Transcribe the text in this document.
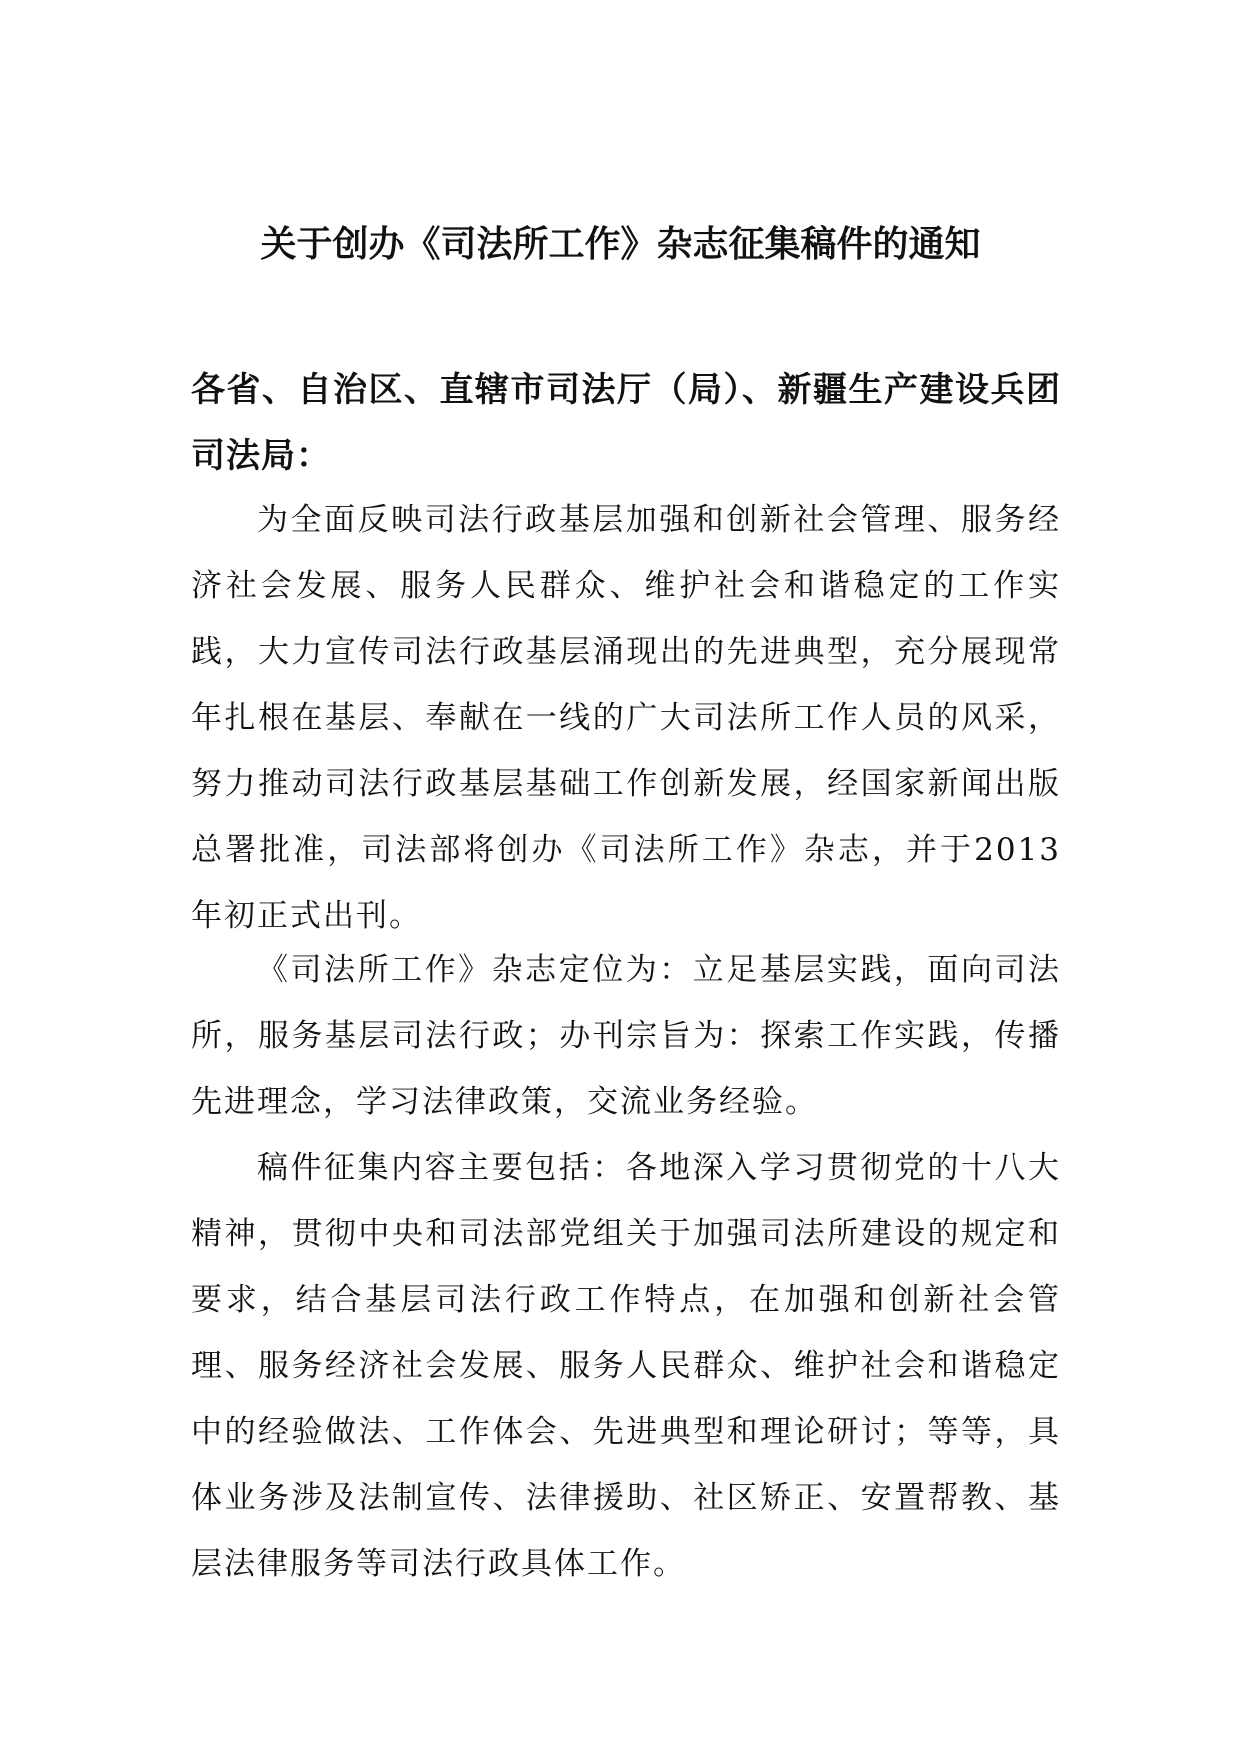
关于创办《司法所工作》杂志征集稿件的通知
各省、自治区、直辖市司法厅（局）、新疆生产建设兵团司法局：

为全面反映司法行政基层加强和创新社会管理、服务经济社会发展、服务人民群众、维护社会和谐稳定的工作实践，大力宣传司法行政基层涌现出的先进典型，充分展现常年扎根在基层、奉献在一线的广大司法所工作人员的风采，努力推动司法行政基层基础工作创新发展，经国家新闻出版总署批准，司法部将创办《司法所工作》杂志，并于2013年初正式出刊。

《司法所工作》杂志定位为：立足基层实践，面向司法所，服务基层司法行政；办刊宗旨为：探索工作实践，传播先进理念，学习法律政策，交流业务经验。

稿件征集内容主要包括：各地深入学习贯彻党的十八大精神，贯彻中央和司法部党组关于加强司法所建设的规定和要求，结合基层司法行政工作特点，在加强和创新社会管理、服务经济社会发展、服务人民群众、维护社会和谐稳定中的经验做法、工作体会、先进典型和理论研讨；等等，具体业务涉及法制宣传、法律援助、社区矫正、安置帮教、基层法律服务等司法行政具体工作。
